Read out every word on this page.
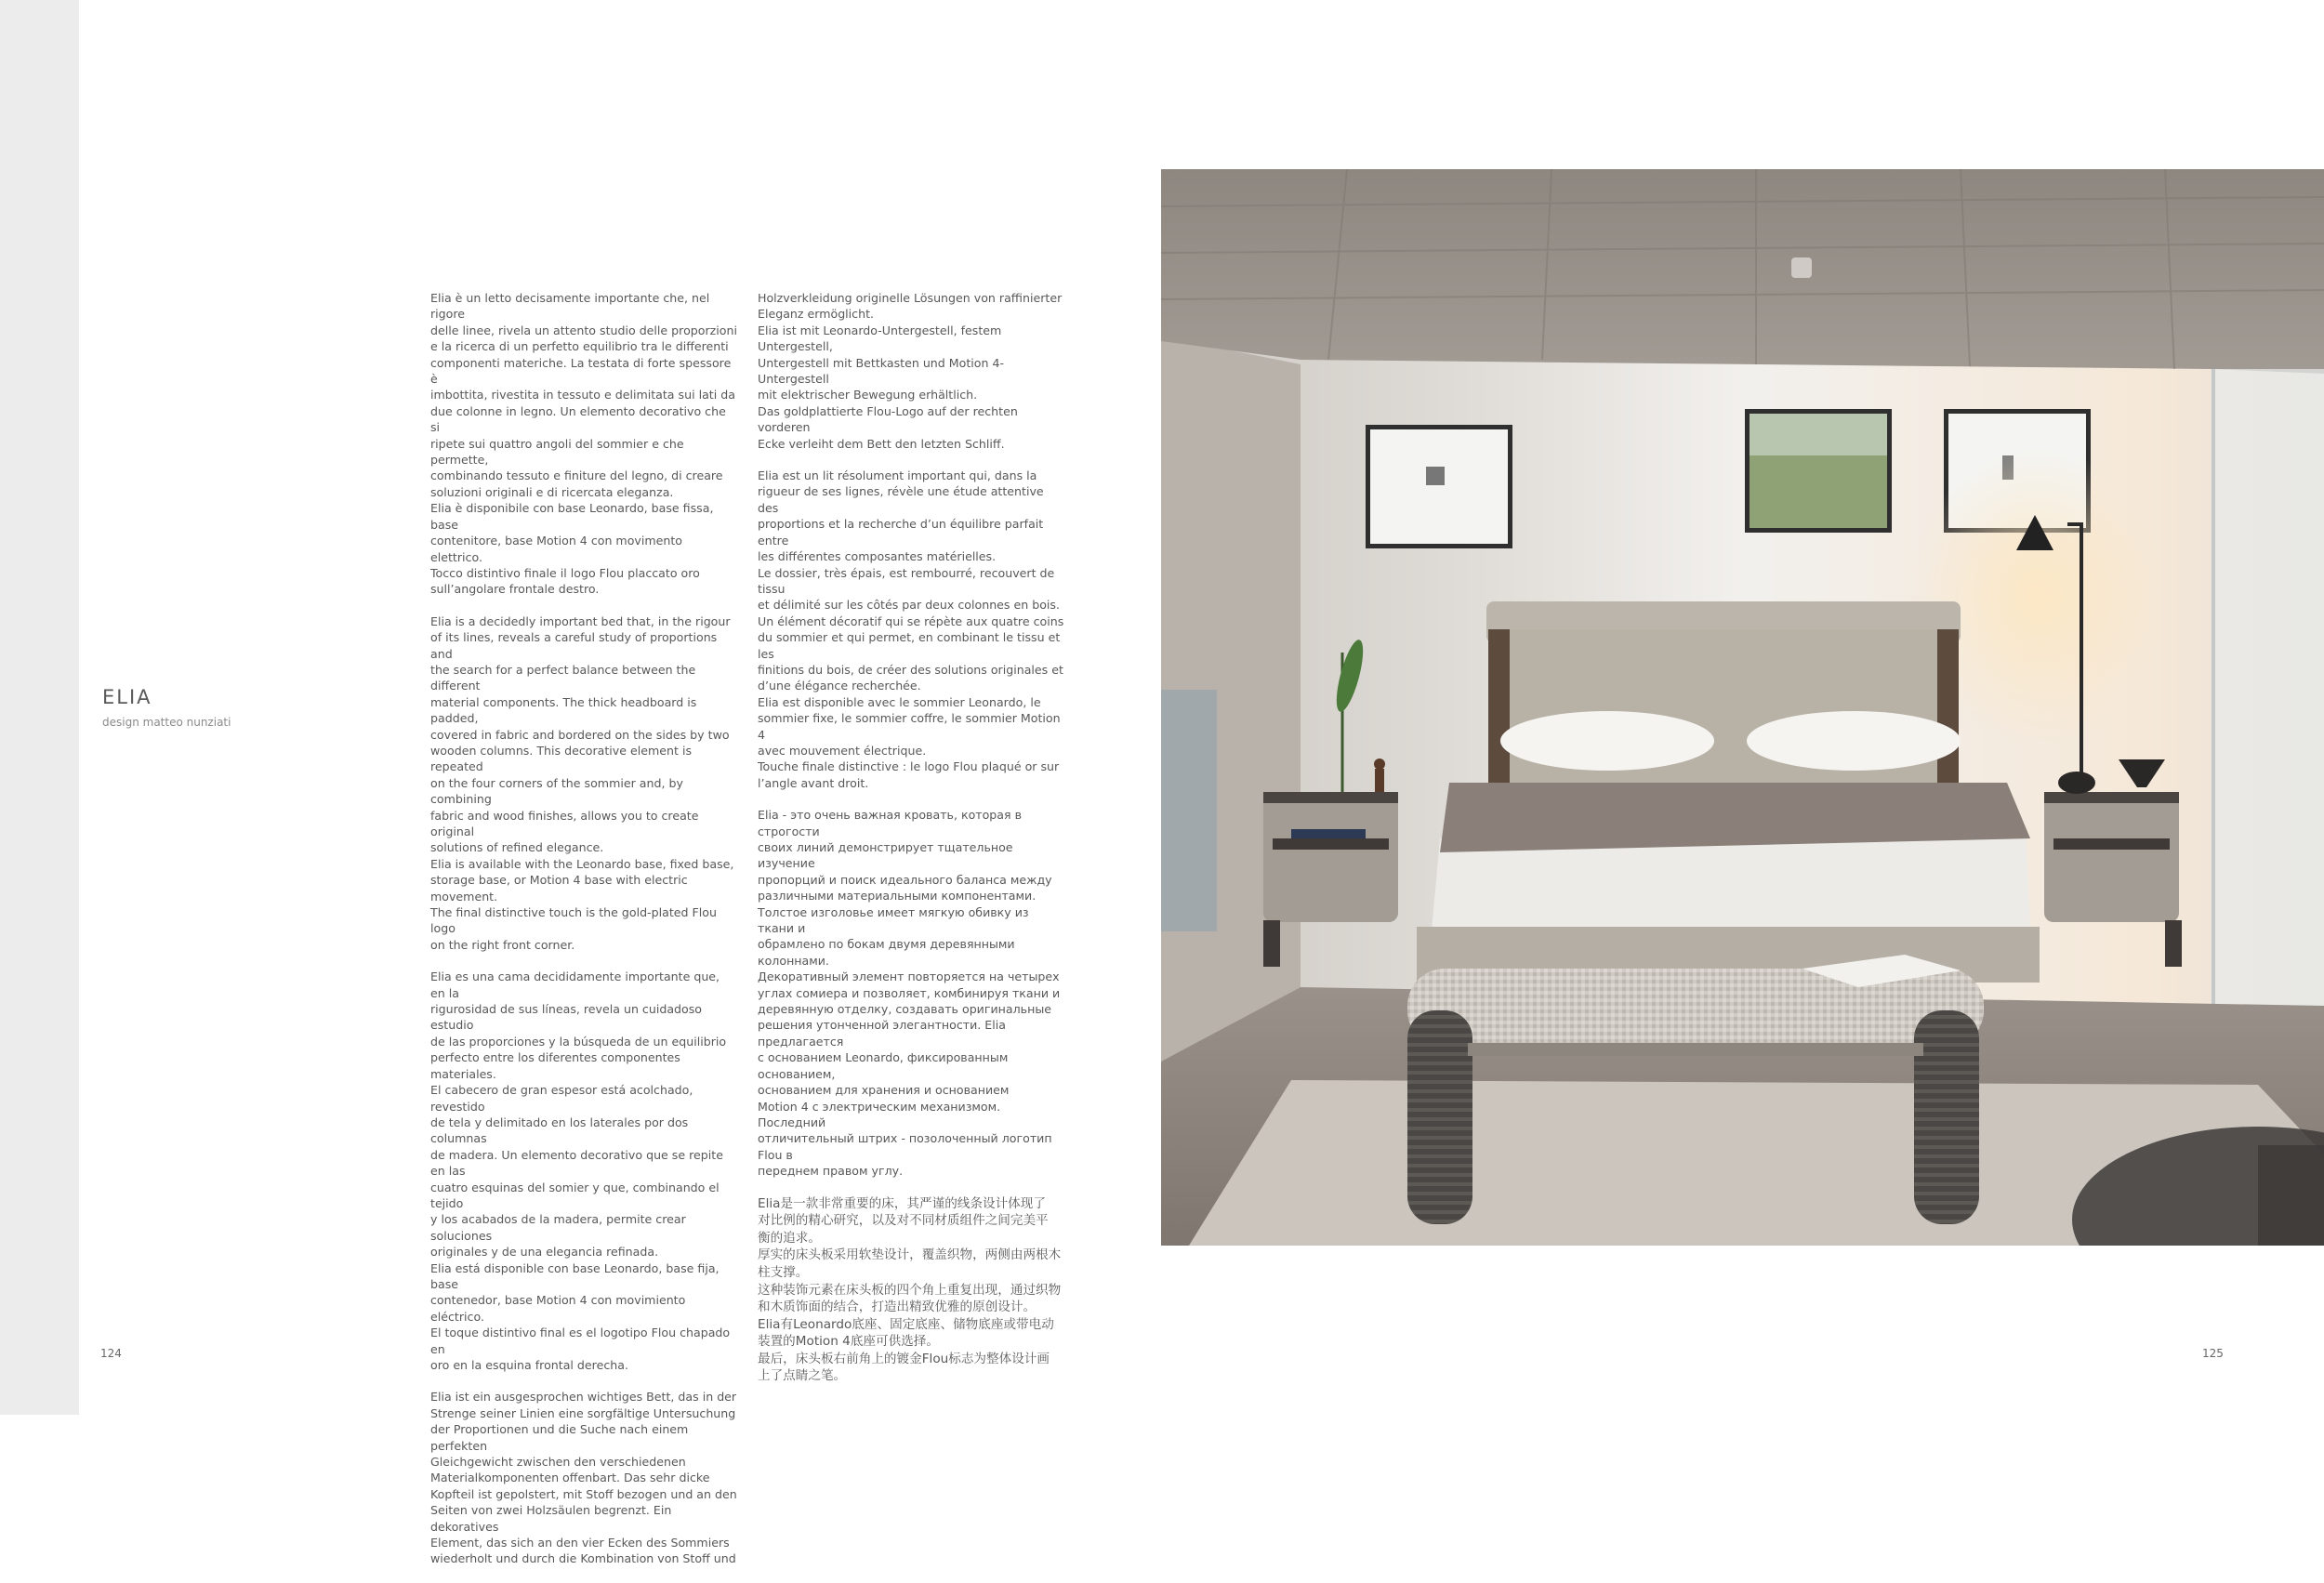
ELIA
design matteo nunziati

Elia è un letto decisamente importante che, nel rigore
delle linee, rivela un attento studio delle proporzioni
e la ricerca di un perfetto equilibrio tra le differenti
componenti materiche. La testata di forte spessore è
imbottita, rivestita in tessuto e delimitata sui lati da
due colonne in legno. Un elemento decorativo che si
ripete sui quattro angoli del sommier e che permette,
combinando tessuto e finiture del legno, di creare
soluzioni originali e di ricercata eleganza.
Elia è disponibile con base Leonardo, base fissa, base
contenitore, base Motion 4 con movimento elettrico.
Tocco distintivo finale il logo Flou placcato oro
sull’angolare frontale destro.

Elia is a decidedly important bed that, in the rigour
of its lines, reveals a careful study of proportions and
the search for a perfect balance between the different
material components. The thick headboard is padded,
covered in fabric and bordered on the sides by two
wooden columns. This decorative element is repeated
on the four corners of the sommier and, by combining
fabric and wood finishes, allows you to create original
solutions of refined elegance.
Elia is available with the Leonardo base, fixed base,
storage base, or Motion 4 base with electric movement.
The final distinctive touch is the gold-plated Flou logo
on the right front corner.

Elia es una cama decididamente importante que, en la
rigurosidad de sus líneas, revela un cuidadoso estudio
de las proporciones y la búsqueda de un equilibrio
perfecto entre los diferentes componentes materiales.
El cabecero de gran espesor está acolchado, revestido
de tela y delimitado en los laterales por dos columnas
de madera. Un elemento decorativo que se repite en las
cuatro esquinas del somier y que, combinando el tejido
y los acabados de la madera, permite crear soluciones
originales y de una elegancia refinada.
Elia está disponible con base Leonardo, base fija, base
contenedor, base Motion 4 con movimiento eléctrico.
El toque distintivo final es el logotipo Flou chapado en
oro en la esquina frontal derecha.

Elia ist ein ausgesprochen wichtiges Bett, das in der
Strenge seiner Linien eine sorgfältige Untersuchung
der Proportionen und die Suche nach einem perfekten
Gleichgewicht zwischen den verschiedenen
Materialkomponenten offenbart. Das sehr dicke
Kopfteil ist gepolstert, mit Stoff bezogen und an den
Seiten von zwei Holzsäulen begrenzt. Ein dekoratives
Element, das sich an den vier Ecken des Sommiers
wiederholt und durch die Kombination von Stoff und

Holzverkleidung originelle Lösungen von raffinierter
Eleganz ermöglicht.
Elia ist mit Leonardo-Untergestell, festem Untergestell,
Untergestell mit Bettkasten und Motion 4-Untergestell
mit elektrischer Bewegung erhältlich.
Das goldplattierte Flou-Logo auf der rechten vorderen
Ecke verleiht dem Bett den letzten Schliff.

Elia est un lit résolument important qui, dans la
rigueur de ses lignes, révèle une étude attentive des
proportions et la recherche d’un équilibre parfait entre
les différentes composantes matérielles.
Le dossier, très épais, est rembourré, recouvert de tissu
et délimité sur les côtés par deux colonnes en bois.
Un élément décoratif qui se répète aux quatre coins
du sommier et qui permet, en combinant le tissu et les
finitions du bois, de créer des solutions originales et
d’une élégance recherchée.
Elia est disponible avec le sommier Leonardo, le
sommier fixe, le sommier coffre, le sommier Motion 4
avec mouvement électrique.
Touche finale distinctive : le logo Flou plaqué or sur
l’angle avant droit.

Elia - это очень важная кровать, которая в строгости
своих линий демонстрирует тщательное изучение
пропорций и поиск идеального баланса между
различными материальными компонентами.
Толстое изголовье имеет мягкую обивку из ткани и
обрамлено по бокам двумя деревянными колоннами.
Декоративный элемент повторяется на четырех
углах сомиера и позволяет, комбинируя ткани и
деревянную отделку, создавать оригинальные
решения утонченной элегантности. Elia предлагается
с основанием Leonardo, фиксированным основанием,
основанием для хранения и основанием
Motion 4 с электрическим механизмом. Последний
отличительный штрих - позолоченный логотип Flou в
переднем правом углу.

Elia是一款非常重要的床，其严谨的线条设计体现了
对比例的精心研究，以及对不同材质组件之间完美平
衡的追求。
厚实的床头板采用软垫设计，覆盖织物，两侧由两根木
柱支撑。
这种装饰元素在床头板的四个角上重复出现，通过织物
和木质饰面的结合，打造出精致优雅的原创设计。
Elia有Leonardo底座、固定底座、储物底座或带电动
装置的Motion 4底座可供选择。
最后，床头板右前角上的镀金Flou标志为整体设计画
上了点睛之笔。

124	125
